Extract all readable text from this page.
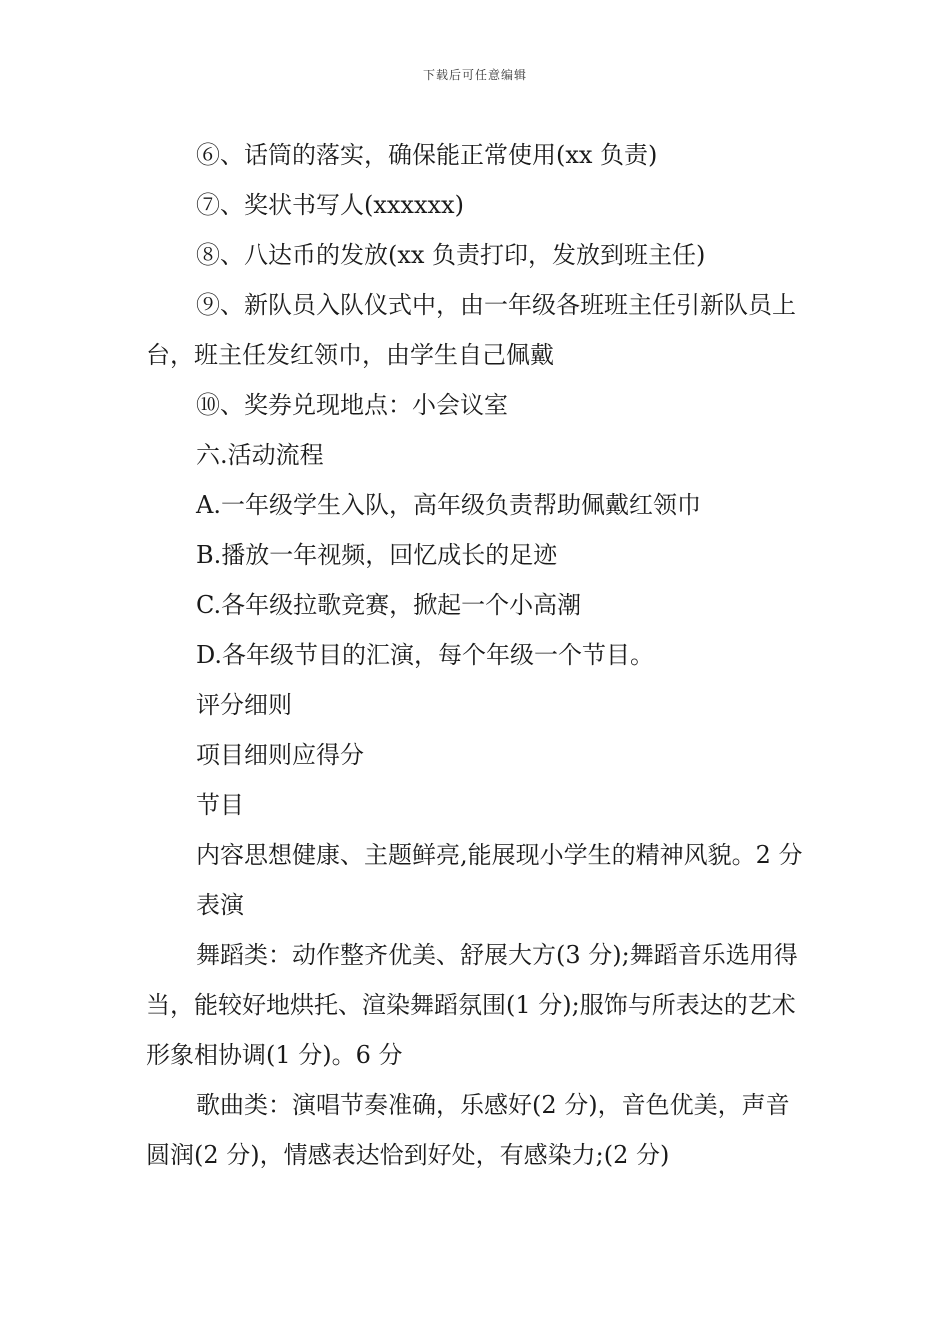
下载后可任意编辑

⑥、话筒的落实，确保能正常使用(xx 负责)

⑦、奖状书写人(xxxxxx)

⑧、八达币的发放(xx 负责打印，发放到班主任)

⑨、新队员入队仪式中，由一年级各班班主任引新队员上台，班主任发红领巾，由学生自己佩戴

⑩、奖券兑现地点：小会议室

六.活动流程

A.一年级学生入队，高年级负责帮助佩戴红领巾

B.播放一年视频，回忆成长的足迹

C.各年级拉歌竞赛，掀起一个小高潮

D.各年级节目的汇演，每个年级一个节目。

评分细则

项目细则应得分

节目

内容思想健康、主题鲜亮,能展现小学生的精神风貌。2 分

表演

舞蹈类：动作整齐优美、舒展大方(3 分);舞蹈音乐选用得当，能较好地烘托、渲染舞蹈氛围(1 分);服饰与所表达的艺术形象相协调(1 分)。6 分

歌曲类：演唱节奏准确，乐感好(2 分)，音色优美，声音圆润(2 分)，情感表达恰到好处，有感染力;(2 分)
